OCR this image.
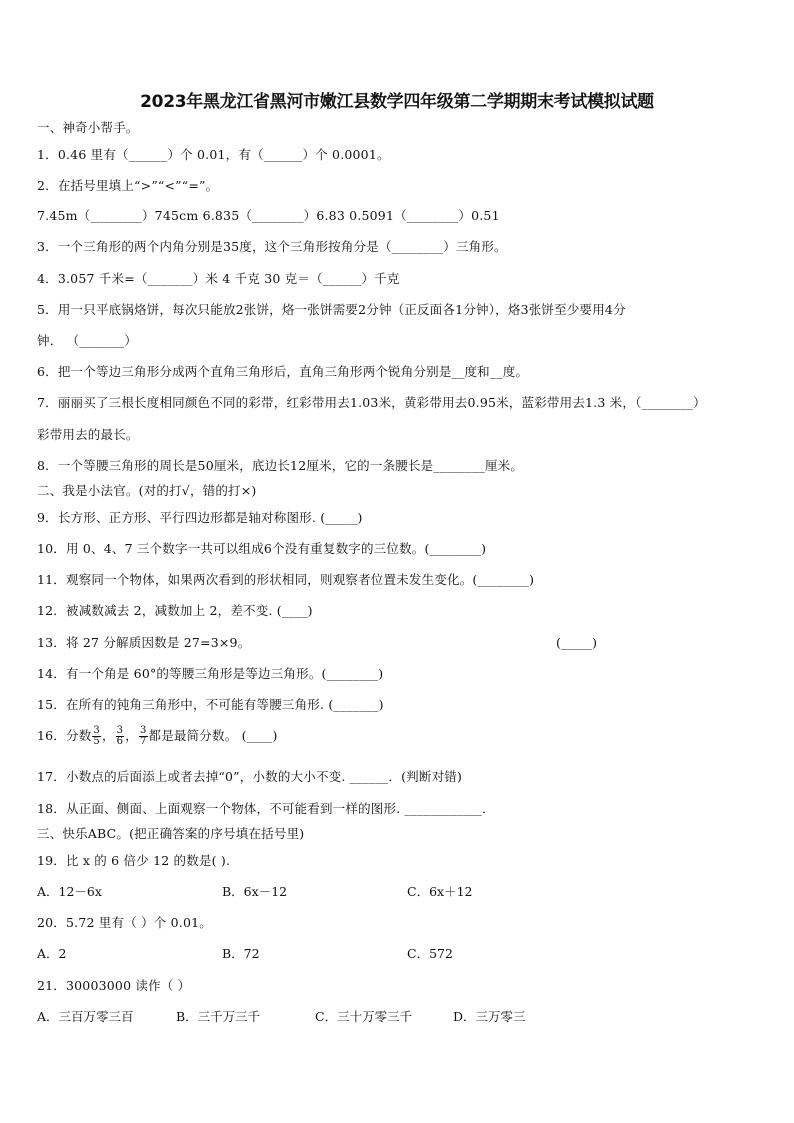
2023年黑龙江省黑河市嫩江县数学四年级第二学期期末考试模拟试题
一、神奇小帮手。
1．0.46 里有（______）个 0.01，有（______）个 0.0001。
2．在括号里填上“>”“<”“=”。
7.45m（________）745cm 6.835（________）6.83 0.5091（________）0.51
3．一个三角形的两个内角分别是35度，这个三角形按角分是（________）三角形。
4．3.057 千米=（_______）米 4 千克 30 克＝（______）千克
5．用一只平底锅烙饼，每次只能放2张饼，烙一张饼需要2分钟（正反面各1分钟），烙3张饼至少要用4分
钟． （_______）
6．把一个等边三角形分成两个直角三角形后，直角三角形两个锐角分别是__度和__度。
7．丽丽买了三根长度相同颜色不同的彩带，红彩带用去1.03米，黄彩带用去0.95米，蓝彩带用去1.3 米，（________）
彩带用去的最长。
8．一个等腰三角形的周长是50厘米，底边长12厘米，它的一条腰长是________厘米。
二、我是小法官。(对的打√，错的打×)
9．长方形、正方形、平行四边形都是轴对称图形. (_____)
10．用 0、4、7 三个数字一共可以组成6个没有重复数字的三位数。(________)
11．观察同一个物体，如果两次看到的形状相同，则观察者位置未发生变化。(________)
12．被减数减去 2，减数加上 2，差不变. (____)
13．将 27 分解质因数是 27=3×9。	(_____)
14．有一个角是 60°的等腰三角形是等边三角形。(________)
15．在所有的钝角三角形中，不可能有等腰三角形. (_______)
16．分数 $\frac{3}{5}$ ， $\frac{3}{6}$ ， $\frac{3}{7}$ 都是最简分数。 (____)
17．小数点的后面添上或者去掉“0”，小数的大小不变. ______．(判断对错)
18．从正面、侧面、上面观察一个物体，不可能看到一样的图形. ____________．
三、快乐ABC。(把正确答案的序号填在括号里)
19．比 x 的 6 倍少 12 的数是( ).
A．12－6x	B．6x－12	C．6x＋12
20．5.72 里有（ ）个 0.01。
A．2	B．72	C．572
21．30003000 读作（ ）
A．三百万零三百	B．三千万三千	C．三十万零三千	D．三万零三
